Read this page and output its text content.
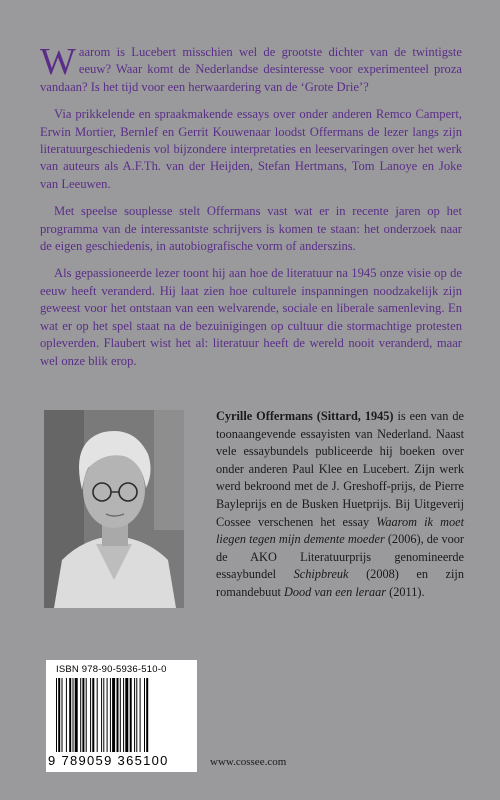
Waarom is Lucebert misschien wel de grootste dichter van de twintigste eeuw? Waar komt de Nederlandse desinteresse voor experimenteel proza vandaan? Is het tijd voor een herwaardering van de ‘Grote Drie’?

Via prikkelende en spraakmakende essays over onder anderen Remco Campert, Erwin Mortier, Bernlef en Gerrit Kouwenaar loodst Offermans de lezer langs zijn literatuurgeschiedenis vol bijzondere interpretaties en leeservaringen over het werk van auteurs als A.F.Th. van der Heijden, Stefan Hertmans, Tom Lanoye en Joke van Leeuwen.

Met speelse souplesse stelt Offermans vast wat er in recente jaren op het programma van de interessantste schrijvers is komen te staan: het onderzoek naar de eigen geschiedenis, in autobiografische vorm of anderszins.

Als gepassioneerde lezer toont hij aan hoe de literatuur na 1945 onze visie op de eeuw heeft veranderd. Hij laat zien hoe culturele inspanningen noodzakelijk zijn geweest voor het ontstaan van een welvarende, sociale en liberale samenleving. En wat er op het spel staat na de bezuinigingen op cultuur die stormachtige protesten opleverden. Flaubert wist het al: literatuur heeft de wereld nooit veranderd, maar wel onze blik erop.

Cyrille Offermans (Sittard, 1945) is een van de toonaangevende essayisten van Nederland. Naast vele essaybundels publiceerde hij boeken over onder anderen Paul Klee en Lucebert. Zijn werk werd bekroond met de J. Greshoff-prijs, de Pierre Bayleprijs en de Busken Huetprijs. Bij Uitgeverij Cossee verschenen het essay Waarom ik moet liegen tegen mijn demente moeder (2006), de voor de AKO Literatuurprijs genomineerde essaybundel Schipbreuk (2008) en zijn romandebuut Dood van een leraar (2011).
ISBN 978-90-5936-510-0
9 789059 365100	www.cossee.com
